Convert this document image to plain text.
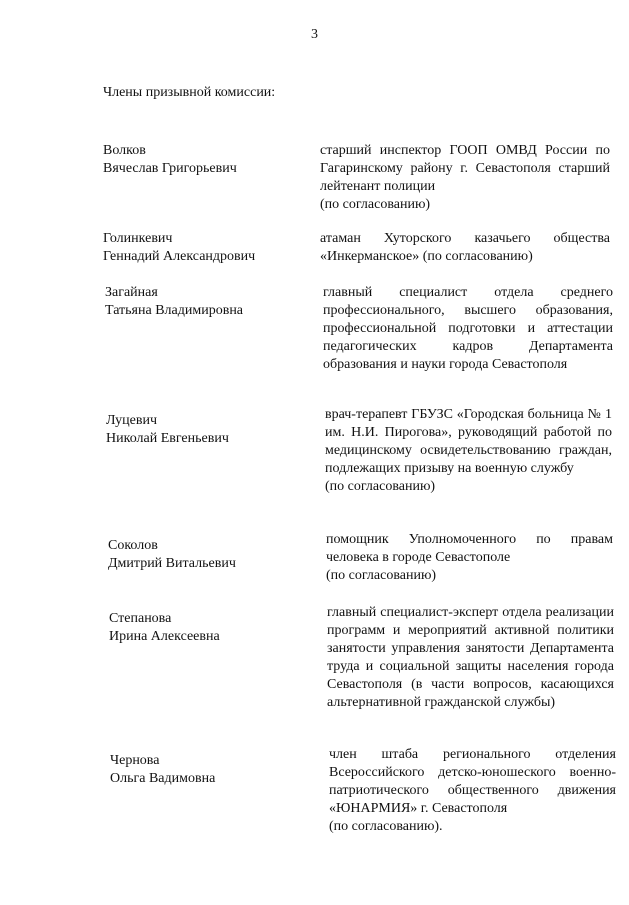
3
Члены призывной комиссии:
Волков
Вячеслав Григорьевич
старший инспектор ГООП ОМВД России по Гагаринскому району г. Севастополя старший лейтенант полиции
(по согласованию)
Голинкевич
Геннадий Александрович
атаман Хуторского казачьего общества «Инкерманское» (по согласованию)
Загайная
Татьяна Владимировна
главный специалист отдела среднего профессионального, высшего образования, профессиональной подготовки и аттестации педагогических кадров Департамента образования и науки города Севастополя
Луцевич
Николай Евгеньевич
врач-терапевт ГБУЗС «Городская больница № 1 им. Н.И. Пирогова», руководящий работой по медицинскому освидетельствованию граждан, подлежащих призыву на военную службу
(по согласованию)
Соколов
Дмитрий Витальевич
помощник Уполномоченного по правам человека в городе Севастополе
(по согласованию)
Степанова
Ирина Алексеевна
главный специалист-эксперт отдела реализации программ и мероприятий активной политики занятости управления занятости Департамента труда и социальной защиты населения города Севастополя (в части вопросов, касающихся альтернативной гражданской службы)
Чернова
Ольга Вадимовна
член штаба регионального отделения Всероссийского детско-юношеского военно-патриотического общественного движения «ЮНАРМИЯ» г. Севастополя
(по согласованию).
